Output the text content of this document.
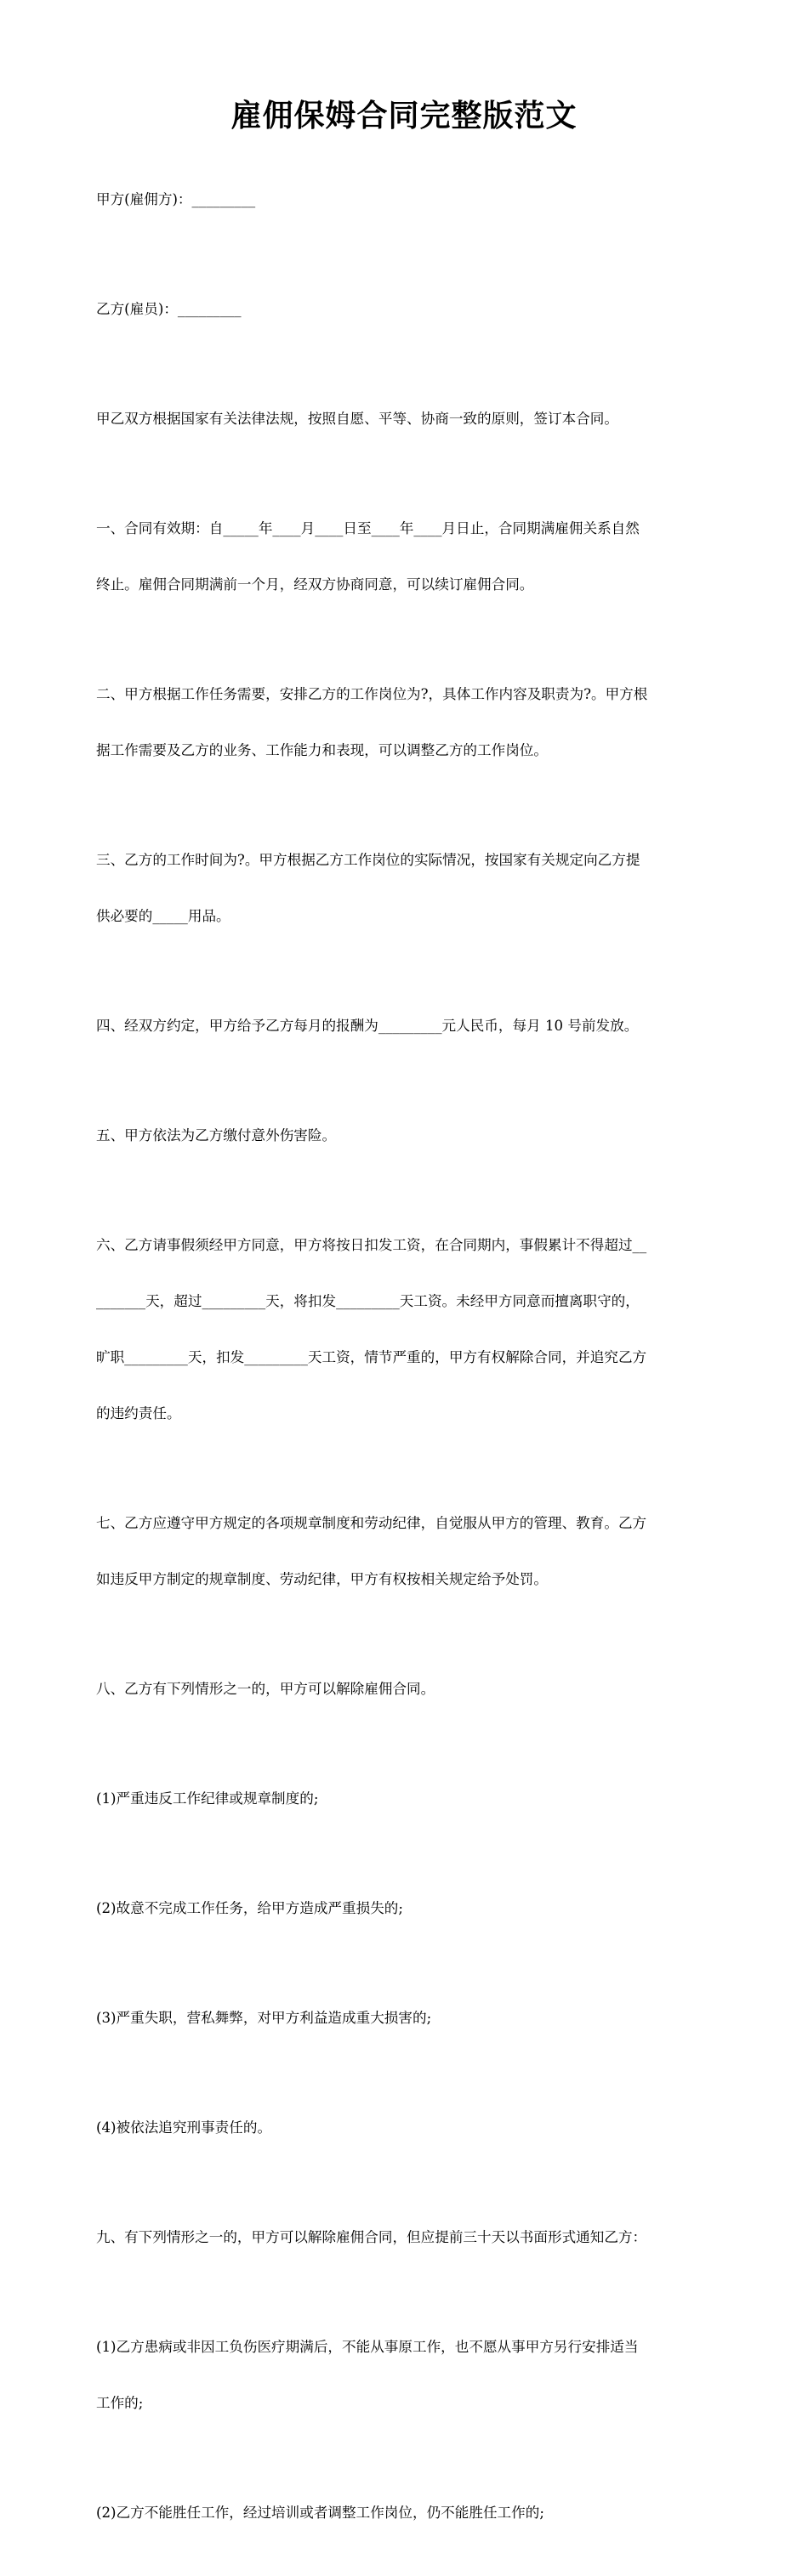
雇佣保姆合同完整版范文

甲方(雇佣方)：_________

乙方(雇员)：_________

甲乙双方根据国家有关法律法规，按照自愿、平等、协商一致的原则，签订本合同。

一、合同有效期：自_____年____月____日至____年____月日止，合同期满雇佣关系自然

终止。雇佣合同期满前一个月，经双方协商同意，可以续订雇佣合同。

二、甲方根据工作任务需要，安排乙方的工作岗位为?，具体工作内容及职责为?。甲方根

据工作需要及乙方的业务、工作能力和表现，可以调整乙方的工作岗位。

三、乙方的工作时间为?。甲方根据乙方工作岗位的实际情况，按国家有关规定向乙方提

供必要的_____用品。

四、经双方约定，甲方给予乙方每月的报酬为_________元人民币，每月 10 号前发放。

五、甲方依法为乙方缴付意外伤害险。

六、乙方请事假须经甲方同意，甲方将按日扣发工资，在合同期内，事假累计不得超过__

_______天，超过_________天，将扣发_________天工资。未经甲方同意而擅离职守的，

旷职_________天，扣发_________天工资，情节严重的，甲方有权解除合同，并追究乙方

的违约责任。

七、乙方应遵守甲方规定的各项规章制度和劳动纪律，自觉服从甲方的管理、教育。乙方

如违反甲方制定的规章制度、劳动纪律，甲方有权按相关规定给予处罚。

八、乙方有下列情形之一的，甲方可以解除雇佣合同。

(1)严重违反工作纪律或规章制度的;

(2)故意不完成工作任务，给甲方造成严重损失的;

(3)严重失职，营私舞弊，对甲方利益造成重大损害的;

(4)被依法追究刑事责任的。

九、有下列情形之一的，甲方可以解除雇佣合同，但应提前三十天以书面形式通知乙方：

(1)乙方患病或非因工负伤医疗期满后，不能从事原工作，也不愿从事甲方另行安排适当

工作的;

(2)乙方不能胜任工作，经过培训或者调整工作岗位，仍不能胜任工作的;
